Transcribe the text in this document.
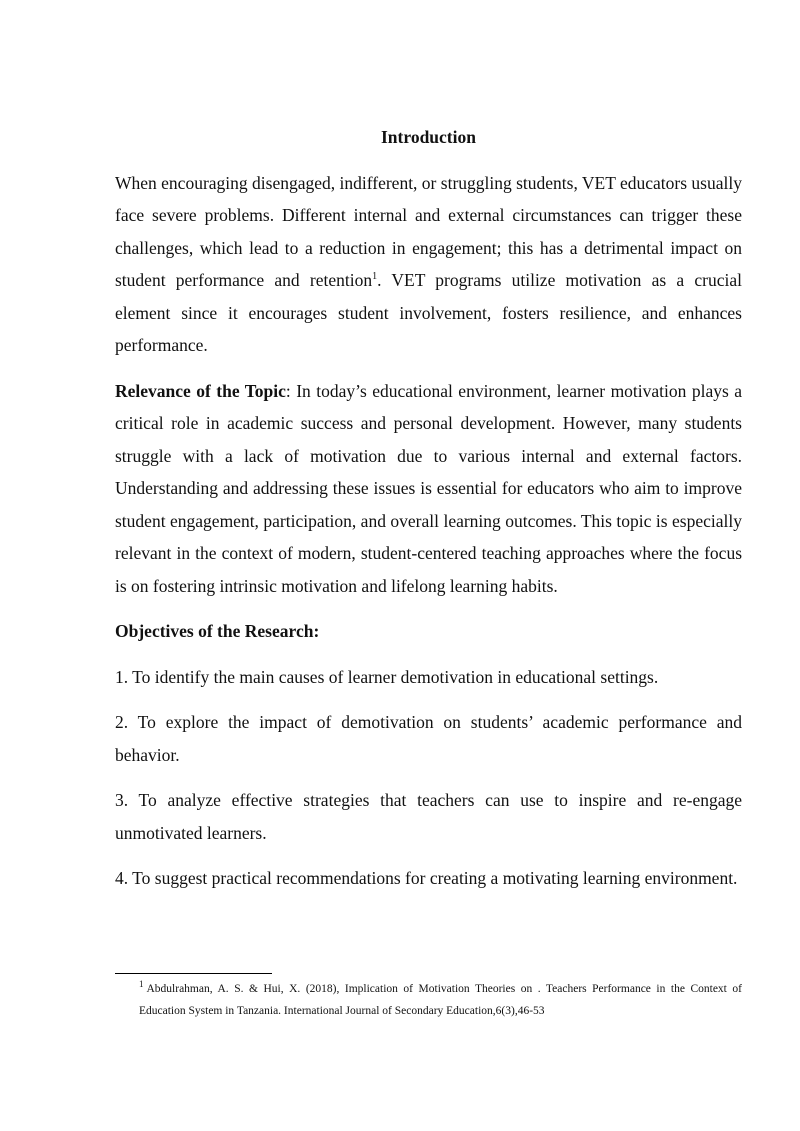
Introduction

When encouraging disengaged, indifferent, or struggling students, VET educators usually face severe problems. Different internal and external circumstances can trigger these challenges, which lead to a reduction in engagement; this has a detrimental impact on student performance and retention$^1$. VET programs utilize motivation as a crucial element since it encourages student involvement, fosters resilience, and enhances performance.

Relevance of the Topic: In today’s educational environment, learner motivation plays a critical role in academic success and personal development. However, many students struggle with a lack of motivation due to various internal and external factors. Understanding and addressing these issues is essential for educators who aim to improve student engagement, participation, and overall learning outcomes. This topic is especially relevant in the context of modern, student-centered teaching approaches where the focus is on fostering intrinsic motivation and lifelong learning habits.

Objectives of the Research:

1. To identify the main causes of learner demotivation in educational settings.

2. To explore the impact of demotivation on students’ academic performance and behavior.

3. To analyze effective strategies that teachers can use to inspire and re-engage unmotivated learners.

4. To suggest practical recommendations for creating a motivating learning environment.

$^1$ Abdulrahman, A. S. & Hui, X. (2018), Implication of Motivation Theories on . Teachers Performance in the Context of Education System in Tanzania. International Journal of Secondary Education,6(3),46-53
